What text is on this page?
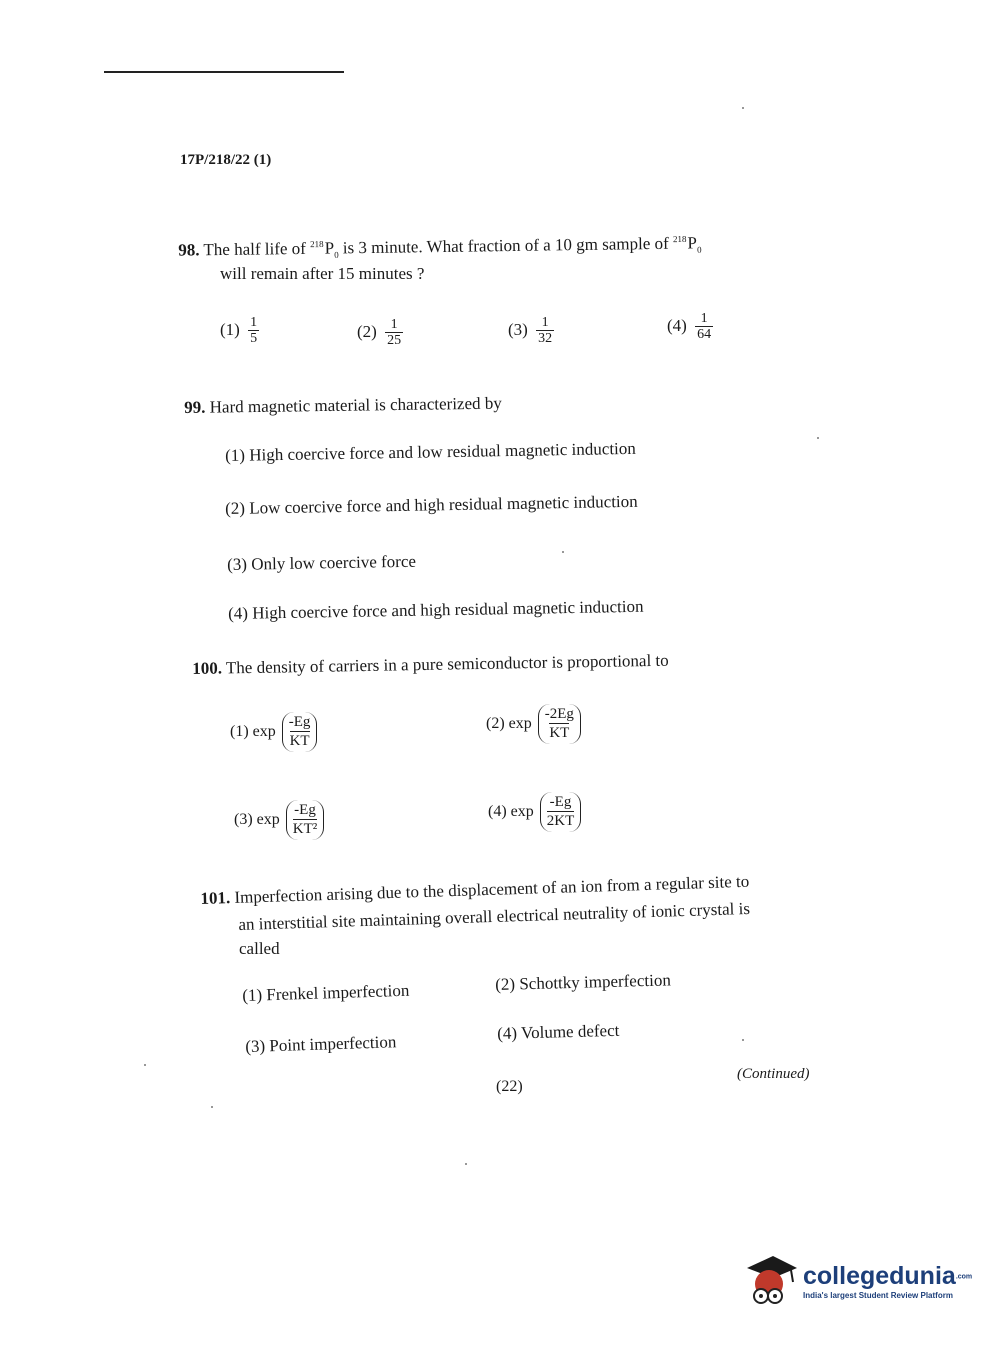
17P/218/22 (1)
98. The half life of $^{218}P_0$ is 3 minute. What fraction of a 10 gm sample of $^{218}P_0$
will remain after 15 minutes ?
$(1) \frac{1}{5}$	$(2) \frac{1}{25}$	$(3) \frac{1}{32}$	$(4) \frac{1}{64}$
99. Hard magnetic material is characterized by
(1) High coercive force and low residual magnetic induction
(2) Low coercive force and high residual magnetic induction
(3) Only low coercive force
(4) High coercive force and high residual magnetic induction
100. The density of carriers in a pure semiconductor is proportional to
(1)
$\exp \frac{-Eg}{KT}$	(2)
$\exp \frac{-2Eg}{KT}$
(3)
$\exp \frac{-Eg}{\text{KT²}}$	(4)
$\exp \frac{-Eg}{2KT}$
101. Imperfection arising due to the displacement of an ion from a regular site to
an interstitial site maintaining overall electrical neutrality of ionic crystal is
called
(1) Frenkel imperfection	(2) Schottky imperfection
(3) Point imperfection
(4) Volume defect
(22)
(Continued)
collegedunia.com
India's largest Student Review Platform
